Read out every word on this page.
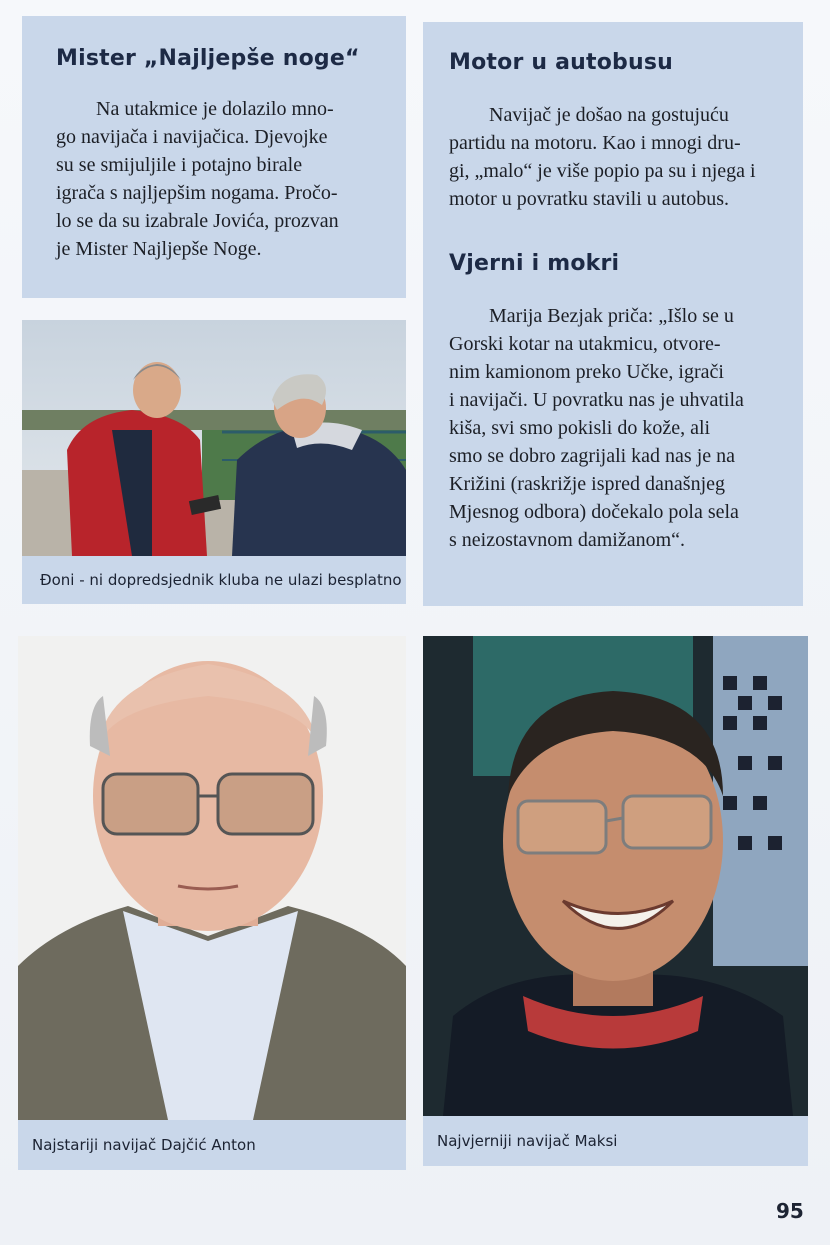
Mister „Najljepše noge“

Na utakmice je dolazilo mno-

go navijača i navijačica. Djevojke

su se smijuljile i potajno birale

igrača s najljepšim nogama. Pročo-

lo se da su izabrale Jovića, prozvan

je Mister Najljepše Noge.

Motor u autobusu

Navijač je došao na gostujuću

partidu na motoru. Kao i mnogi dru-

gi, „malo“ je više popio pa su i njega i

motor u povratku stavili u autobus.

Vjerni i mokri

Marija Bezjak priča: „Išlo se u

Gorski kotar na utakmicu, otvore-

nim kamionom preko Učke, igrači

i navijači. U povratku nas je uhvatila

kiša, svi smo pokisli do kože, ali

smo se dobro zagrijali kad nas je na

Križini (raskrižje ispred današnjeg

Mjesnog odbora) dočekalo pola sela

s neizostavnom damižanom“.

Đoni - ni dopredsjednik kluba ne ulazi besplatno
Najstariji navijač Dajčić Anton	Najvjerniji navijač Maksi
95
